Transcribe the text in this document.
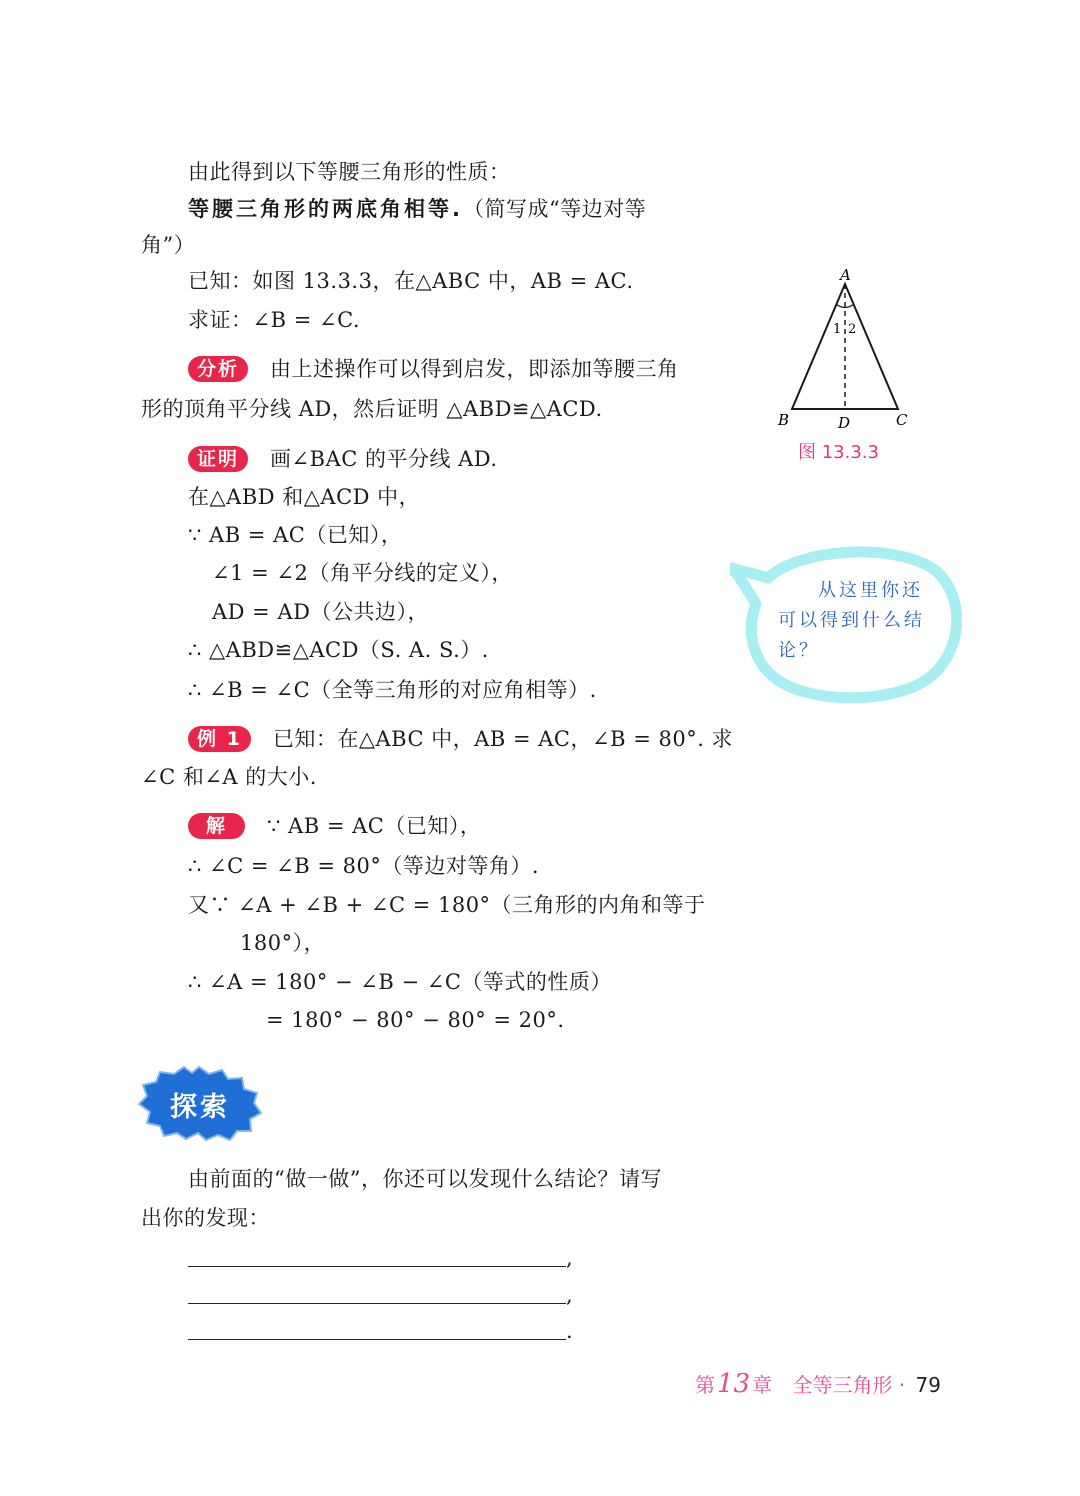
由此得到以下等腰三角形的性质：
等腰三角形的两底角相等.（简写成“等边对等
角”）
已知：如图 13.3.3，在△ABC 中，AB = AC.
求证：∠B = ∠C.
分析 由上述操作可以得到启发，即添加等腰三角
形的顶角平分线 AD，然后证明 △ABD≌△ACD.
证明 画∠BAC 的平分线 AD.
在△ABD 和△ACD 中，
∵ AB = AC（已知），
∠1 = ∠2（角平分线的定义），
AD = AD（公共边），
∴ △ABD≌△ACD（S. A. S.）.
∴ ∠B = ∠C（全等三角形的对应角相等）.
例 1 已知：在△ABC 中，AB = AC，∠B = 80°. 求
∠C 和∠A 的大小.
解 ∵ AB = AC（已知），
∴ ∠C = ∠B = 80°（等边对等角）.
又∵ ∠A + ∠B + ∠C = 180°（三角形的内角和等于
180°），
∴ ∠A = 180° − ∠B − ∠C（等式的性质）
= 180° − 80° − 80° = 20°.
探索
由前面的“做一做”，你还可以发现什么结论？请写
出你的发现：
,
,
.
A
B	C
D
1 2
图 13.3.3
从这里你还
可以得到什么结
论？
第13 章 全等三角形 · 79
